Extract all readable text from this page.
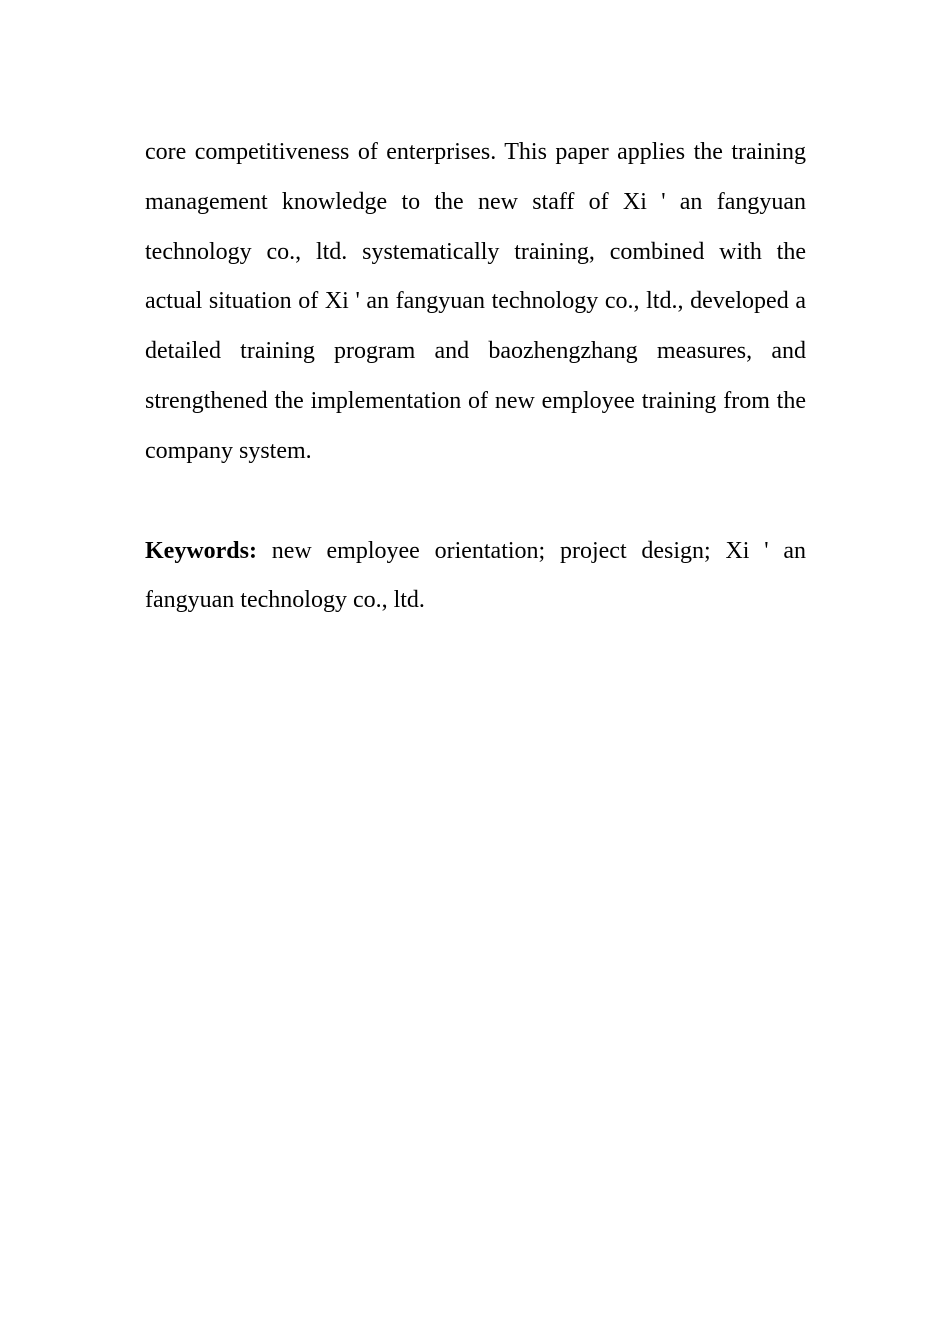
core competitiveness of enterprises. This paper applies the training management knowledge to the new staff of Xi ' an fangyuan technology co., ltd. systematically training, combined with the actual situation of Xi ' an fangyuan technology co., ltd., developed a detailed training program and baozhengzhang measures, and strengthened the implementation of new employee training from the company system.

Keywords: new employee orientation; project design; Xi ' an fangyuan technology co., ltd.
